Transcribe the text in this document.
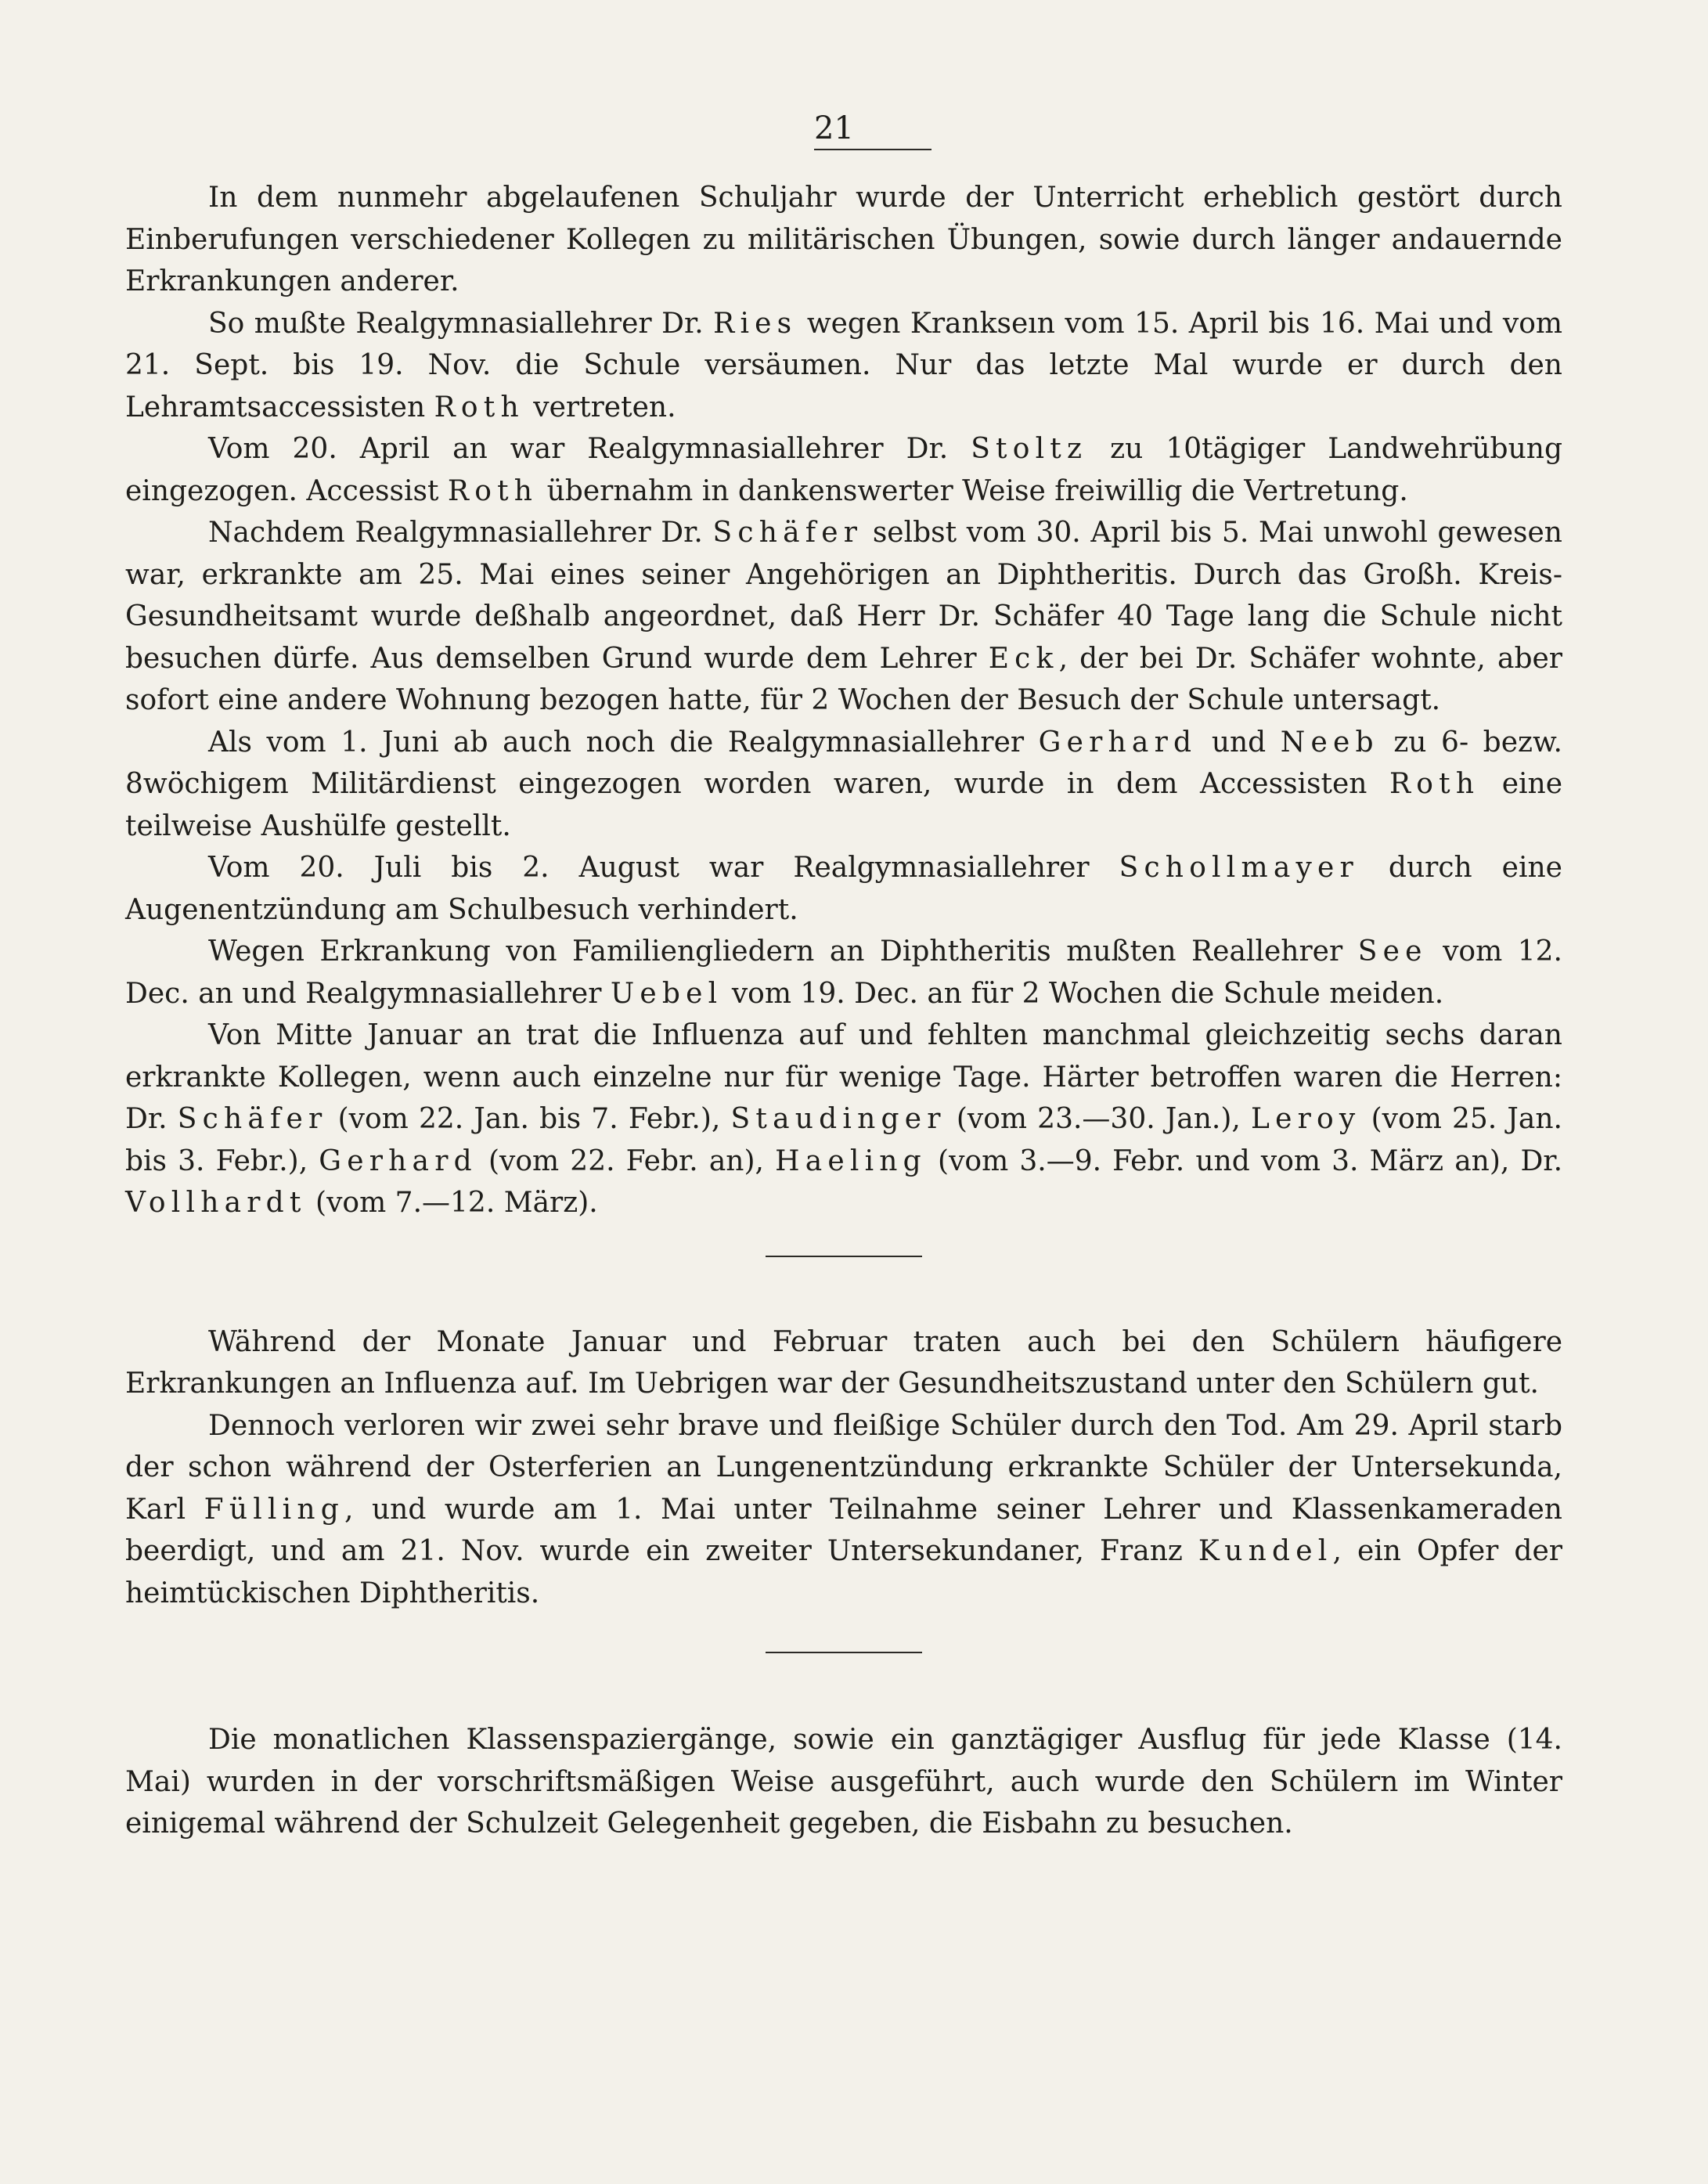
21

In dem nunmehr abgelaufenen Schuljahr wurde der Unterricht erheblich gestört durch Einberufungen verschiedener Kollegen zu militärischen Übungen, sowie durch länger andauernde Erkrankungen anderer.

So mußte Realgymnasiallehrer Dr. Ries wegen Krankseın vom 15. April bis 16. Mai und vom 21. Sept. bis 19. Nov. die Schule versäumen. Nur das letzte Mal wurde er durch den Lehramtsaccessisten Roth vertreten.

Vom 20. April an war Realgymnasiallehrer Dr. Stoltz zu 10tägiger Landwehrübung eingezogen. Accessist Roth übernahm in dankenswerter Weise freiwillig die Vertretung.

Nachdem Realgymnasiallehrer Dr. Schäfer selbst vom 30. April bis 5. Mai unwohl gewesen war, erkrankte am 25. Mai eines seiner Angehörigen an Diphtheritis. Durch das Großh. Kreis-Gesundheitsamt wurde deßhalb angeordnet, daß Herr Dr. Schäfer 40 Tage lang die Schule nicht besuchen dürfe. Aus demselben Grund wurde dem Lehrer Eck, der bei Dr. Schäfer wohnte, aber sofort eine andere Wohnung bezogen hatte, für 2 Wochen der Besuch der Schule untersagt.

Als vom 1. Juni ab auch noch die Realgymnasiallehrer Gerhard und Neeb zu 6- bezw. 8wöchigem Militärdienst eingezogen worden waren, wurde in dem Accessisten Roth eine teilweise Aushülfe gestellt.

Vom 20. Juli bis 2. August war Realgymnasiallehrer Schollmayer durch eine Augenentzündung am Schulbesuch verhindert.

Wegen Erkrankung von Familiengliedern an Diphtheritis mußten Reallehrer See vom 12. Dec. an und Realgymnasiallehrer Uebel vom 19. Dec. an für 2 Wochen die Schule meiden.

Von Mitte Januar an trat die Influenza auf und fehlten manchmal gleichzeitig sechs daran erkrankte Kollegen, wenn auch einzelne nur für wenige Tage. Härter betroffen waren die Herren: Dr. Schäfer (vom 22. Jan. bis 7. Febr.), Staudinger (vom 23.—30. Jan.), Leroy (vom 25. Jan. bis 3. Febr.), Gerhard (vom 22. Febr. an), Haeling (vom 3.—9. Febr. und vom 3. März an), Dr. Vollhardt (vom 7.—12. März).

Während der Monate Januar und Februar traten auch bei den Schülern häufigere Erkrankungen an Influenza auf. Im Uebrigen war der Gesundheitszustand unter den Schülern gut.

Dennoch verloren wir zwei sehr brave und fleißige Schüler durch den Tod. Am 29. April starb der schon während der Osterferien an Lungenentzündung erkrankte Schüler der Untersekunda, Karl Fülling, und wurde am 1. Mai unter Teilnahme seiner Lehrer und Klassenkameraden beerdigt, und am 21. Nov. wurde ein zweiter Untersekundaner, Franz Kundel, ein Opfer der heimtückischen Diphtheritis.

Die monatlichen Klassenspaziergänge, sowie ein ganztägiger Ausflug für jede Klasse (14. Mai) wurden in der vorschriftsmäßigen Weise ausgeführt, auch wurde den Schülern im Winter einigemal während der Schulzeit Gelegenheit gegeben, die Eisbahn zu besuchen.
